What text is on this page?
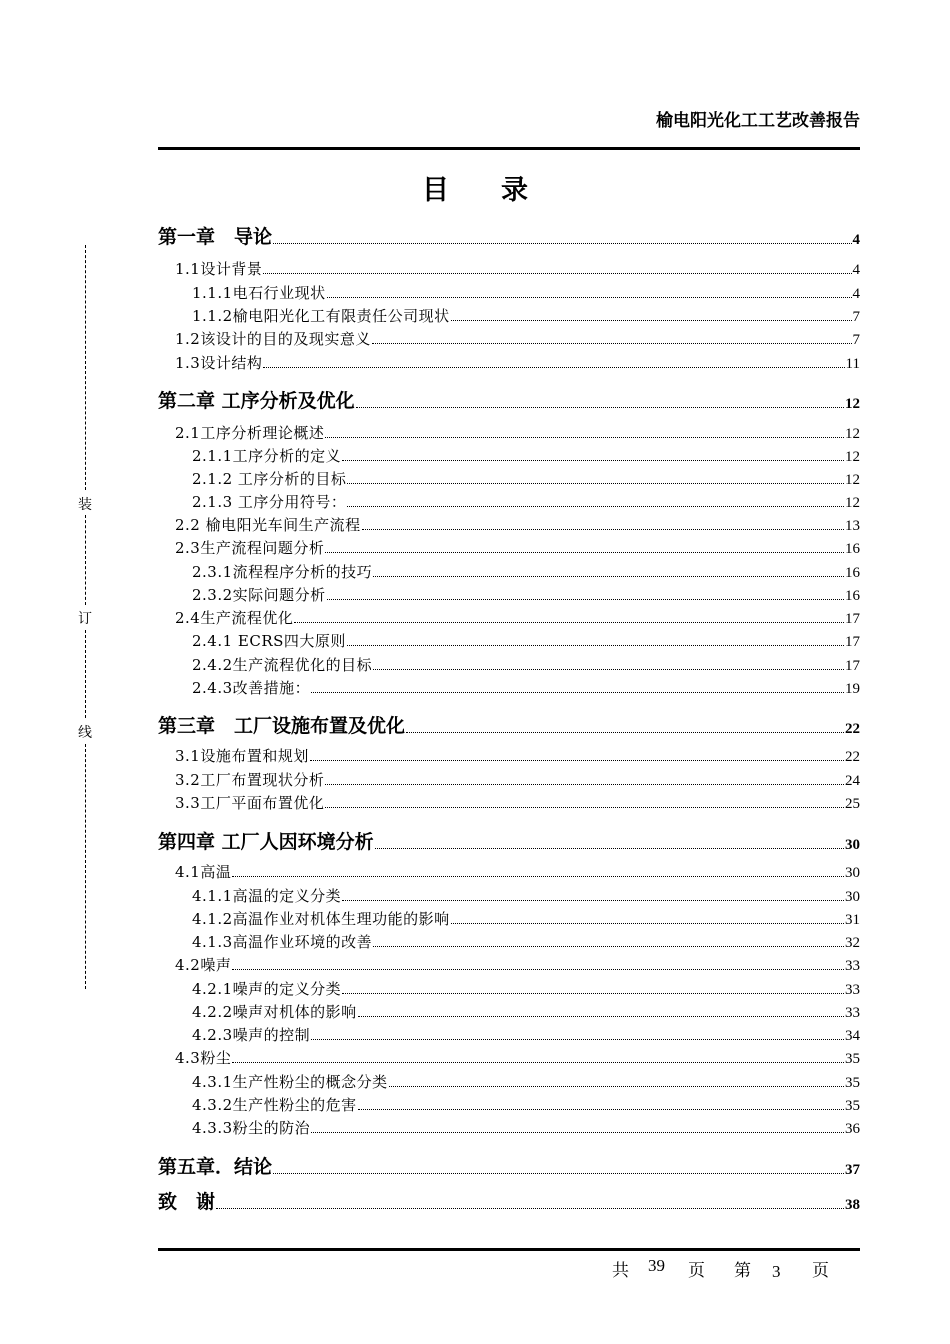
榆电阳光化工工艺改善报告
目录
装
订
线
第一章　导论	4
1.1设计背景	4
1.1.1电石行业现状	4
1.1.2榆电阳光化工有限责任公司现状	7
1.2该设计的目的及现实意义	7
1.3设计结构	11
第二章 工序分析及优化	12
2.1工序分析理论概述	12
2.1.1工序分析的定义	12
2.1.2 工序分析的目标	12
2.1.3 工序分用符号：	12
2.2 榆电阳光车间生产流程	13
2.3生产流程问题分析	16
2.3.1流程程序分析的技巧	16
2.3.2实际问题分析	16
2.4生产流程优化	17
2.4.1 ECRS四大原则	17
2.4.2生产流程优化的目标	17
2.4.3改善措施：	19
第三章　工厂设施布置及优化	22
3.1设施布置和规划	22
3.2工厂布置现状分析	24
3.3工厂平面布置优化	25
第四章 工厂人因环境分析	30
4.1高温	30
4.1.1高温的定义分类	30
4.1.2高温作业对机体生理功能的影响	31
4.1.3高温作业环境的改善	32
4.2噪声	33
4.2.1噪声的定义分类	33
4.2.2噪声对机体的影响	33
4.2.3噪声的控制	34
4.3粉尘	35
4.3.1生产性粉尘的概念分类	35
4.3.2生产性粉尘的危害	35
4.3.3粉尘的防治	36
第五章．结论	37
致　谢	38
共 39 页 第 3 页
